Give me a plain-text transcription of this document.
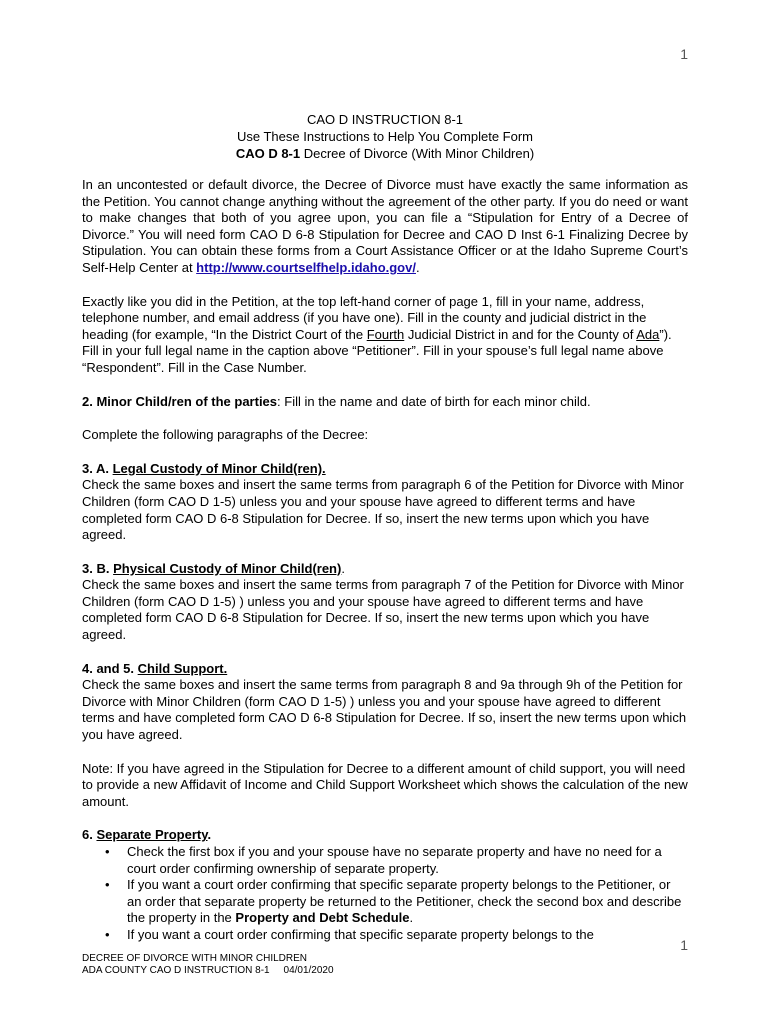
1
CAO D INSTRUCTION 8-1
Use These Instructions to Help You Complete Form
CAO D 8-1 Decree of Divorce (With Minor Children)

In an uncontested or default divorce, the Decree of Divorce must have exactly the same information as the Petition. You cannot change anything without the agreement of the other party. If you do need or want to make changes that both of you agree upon, you can file a “Stipulation for Entry of a Decree of Divorce.” You will need form CAO D 6-8 Stipulation for Decree and CAO D Inst 6-1 Finalizing Decree by Stipulation. You can obtain these forms from a Court Assistance Officer or at the Idaho Supreme Court’s Self-Help Center at http://www.courtselfhelp.idaho.gov/.

Exactly like you did in the Petition, at the top left-hand corner of page 1, fill in your name, address, telephone number, and email address (if you have one). Fill in the county and judicial district in the heading (for example, “In the District Court of the Fourth Judicial District in and for the County of Ada”). Fill in your full legal name in the caption above “Petitioner”. Fill in your spouse’s full legal name above “Respondent”. Fill in the Case Number.

2. Minor Child/ren of the parties: Fill in the name and date of birth for each minor child.

Complete the following paragraphs of the Decree:

3. A. Legal Custody of Minor Child(ren).

Check the same boxes and insert the same terms from paragraph 6 of the Petition for Divorce with Minor Children (form CAO D 1-5) unless you and your spouse have agreed to different terms and have completed form CAO D 6-8 Stipulation for Decree. If so, insert the new terms upon which you have agreed.

3. B. Physical Custody of Minor Child(ren).

Check the same boxes and insert the same terms from paragraph 7 of the Petition for Divorce with Minor Children (form CAO D 1-5) ) unless you and your spouse have agreed to different terms and have completed form CAO D 6-8 Stipulation for Decree. If so, insert the new terms upon which you have agreed.

4. and 5. Child Support.

Check the same boxes and insert the same terms from paragraph 8 and 9a through 9h of the Petition for Divorce with Minor Children (form CAO D 1-5) ) unless you and your spouse have agreed to different terms and have completed form CAO D 6-8 Stipulation for Decree. If so, insert the new terms upon which you have agreed.

Note: If you have agreed in the Stipulation for Decree to a different amount of child support, you will need to provide a new Affidavit of Income and Child Support Worksheet which shows the calculation of the new amount.

6. Separate Property.

• Check the first box if you and your spouse have no separate property and have no need for a court order confirming ownership of separate property.
• If you want a court order confirming that specific separate property belongs to the Petitioner, or an order that separate property be returned to the Petitioner, check the second box and describe the property in the Property and Debt Schedule.
• If you want a court order confirming that specific separate property belongs to the
1
DECREE OF DIVORCE WITH MINOR CHILDREN
ADA COUNTY CAO D INSTRUCTION 8-1     04/01/2020
